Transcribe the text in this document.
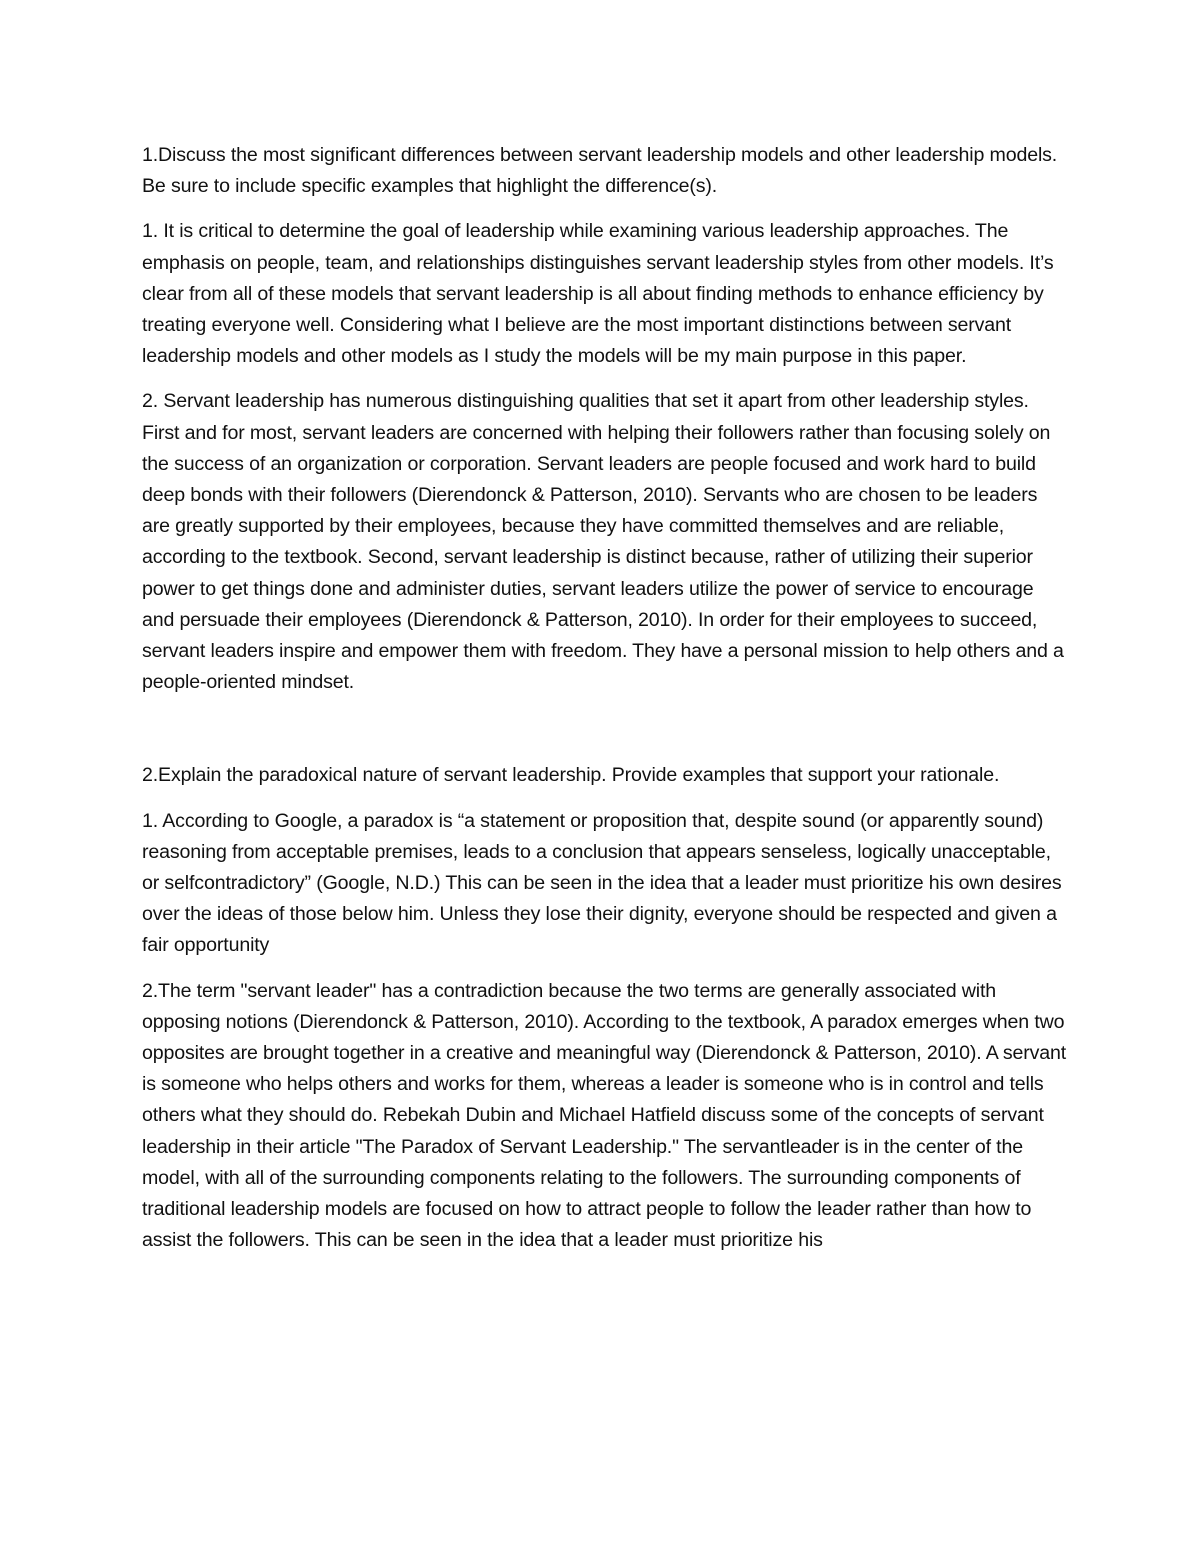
1.Discuss the most significant differences between servant leadership models and other leadership models. Be sure to include specific examples that highlight the difference(s).

1. It is critical to determine the goal of leadership while examining various leadership approaches. The emphasis on people, team, and relationships distinguishes servant leadership styles from other models. It’s clear from all of these models that servant leadership is all about finding methods to enhance efficiency by treating everyone well. Considering what I believe are the most important distinctions between servant leadership models and other models as I study the models will be my main purpose in this paper.

2. Servant leadership has numerous distinguishing qualities that set it apart from other leadership styles. First and for most, servant leaders are concerned with helping their followers rather than focusing solely on the success of an organization or corporation. Servant leaders are people focused and work hard to build deep bonds with their followers (Dierendonck & Patterson, 2010). Servants who are chosen to be leaders are greatly supported by their employees, because they have committed themselves and are reliable, according to the textbook. Second, servant leadership is distinct because, rather of utilizing their superior power to get things done and administer duties, servant leaders utilize the power of service to encourage and persuade their employees (Dierendonck & Patterson, 2010). In order for their employees to succeed, servant leaders inspire and empower them with freedom. They have a personal mission to help others and a people-oriented mindset.

2.Explain the paradoxical nature of servant leadership. Provide examples that support your rationale.

1. According to Google, a paradox is “a statement or proposition that, despite sound (or apparently sound) reasoning from acceptable premises, leads to a conclusion that appears senseless, logically unacceptable, or selfcontradictory” (Google, N.D.) This can be seen in the idea that a leader must prioritize his own desires over the ideas of those below him. Unless they lose their dignity, everyone should be respected and given a fair opportunity

2.The term "servant leader" has a contradiction because the two terms are generally associated with opposing notions (Dierendonck & Patterson, 2010). According to the textbook, A paradox emerges when two opposites are brought together in a creative and meaningful way (Dierendonck & Patterson, 2010). A servant is someone who helps others and works for them, whereas a leader is someone who is in control and tells others what they should do. Rebekah Dubin and Michael Hatfield discuss some of the concepts of servant leadership in their article "The Paradox of Servant Leadership." The servantleader is in the center of the model, with all of the surrounding components relating to the followers. The surrounding components of traditional leadership models are focused on how to attract people to follow the leader rather than how to assist the followers. This can be seen in the idea that a leader must prioritize his
